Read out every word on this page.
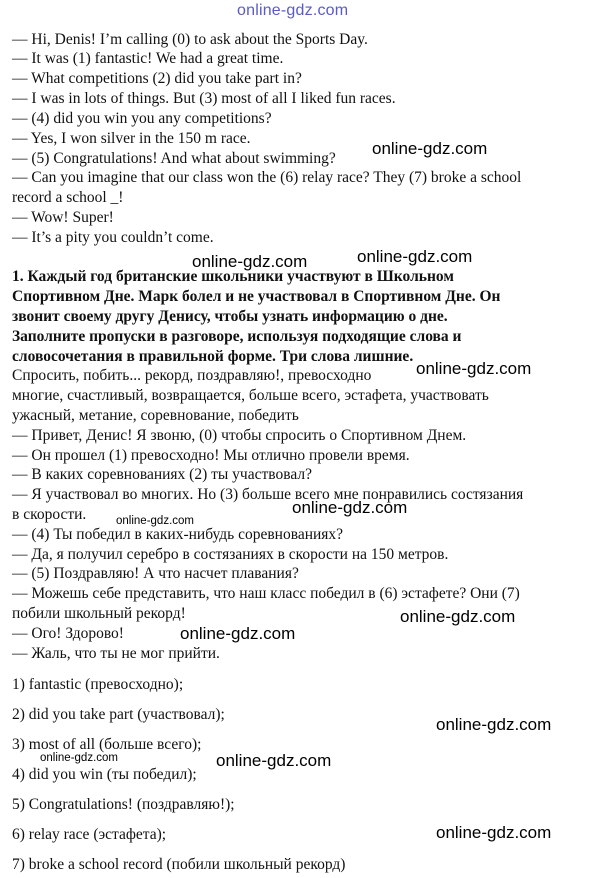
online-gdz.com
— Hi, Denis! I’m calling (0) to ask about the Sports Day.
— It was (1) fantastic! We had a great time.
— What competitions (2) did you take part in?
— I was in lots of things. But (3) most of all I liked fun races.
— (4) did you win you any competitions?
— Yes, I won silver in the 150 m race.
— (5) Congratulations! And what about swimming?
— Can you imagine that our class won the (6) relay race? They (7) broke a school
record a school _!
— Wow! Super!
— It’s a pity you couldn’t come.
1. Каждый год британские школьники участвуют в Школьном
Спортивном Дне. Марк болел и не участвовал в Спортивном Дне. Он
звонит своему другу Денису, чтобы узнать информацию о дне.
Заполните пропуски в разговоре, используя подходящие слова и
словосочетания в правильной форме. Три слова лишние.
Спросить, побить... рекорд, поздравляю!, превосходно
многие, счастливый, возвращается, больше всего, эстафета, участвовать
ужасный, метание, соревнование, победить
— Привет, Денис! Я звоню, (0) чтобы спросить о Спортивном Днем.
— Он прошел (1) превосходно! Мы отлично провели время.
— В каких соревнованиях (2) ты участвовал?
— Я участвовал во многих. Но (3) больше всего мне понравились состязания
в скорости.
— (4) Ты победил в каких-нибудь соревнованиях?
— Да, я получил серебро в состязаниях в скорости на 150 метров.
— (5) Поздравляю! А что насчет плавания?
— Можешь себе представить, что наш класс победил в (6) эстафете? Они (7)
побили школьный рекорд!
— Ого! Здорово!
— Жаль, что ты не мог прийти.
1) fantastic (превосходно);
2) did you take part (участвовал);
3) most of all (больше всего);
4) did you win (ты победил);
5) Congratulations! (поздравляю!);
6) relay race (эстафета);
7) broke a school record (побили школьный рекорд)
online-gdz.com
online-gdz.com	online-gdz.com
online-gdz.com
online-gdz.com
online-gdz.com
online-gdz.com
online-gdz.com
online-gdz.com
online-gdz.com
online-gdz.com
online-gdz.com
